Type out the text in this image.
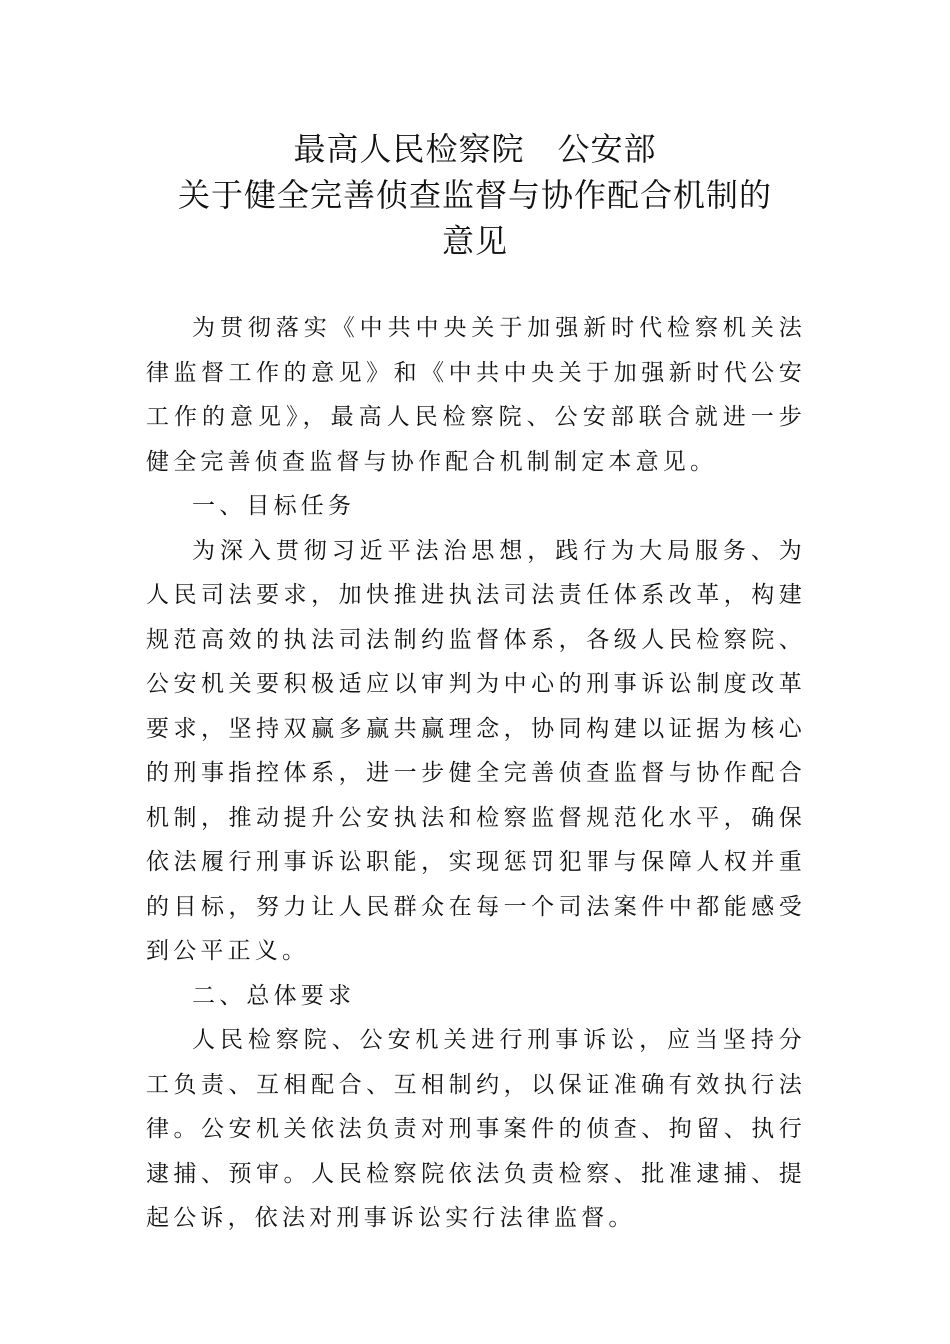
最高人民检察院　公安部
关于健全完善侦查监督与协作配合机制的
意见

为贯彻落实《中共中央关于加强新时代检察机关法律监督工作的意见》和《中共中央关于加强新时代公安工作的意见》，最高人民检察院、公安部联合就进一步健全完善侦查监督与协作配合机制制定本意见。

一、目标任务

为深入贯彻习近平法治思想，践行为大局服务、为人民司法要求，加快推进执法司法责任体系改革，构建规范高效的执法司法制约监督体系，各级人民检察院、公安机关要积极适应以审判为中心的刑事诉讼制度改革要求，坚持双赢多赢共赢理念，协同构建以证据为核心的刑事指控体系，进一步健全完善侦查监督与协作配合机制，推动提升公安执法和检察监督规范化水平，确保依法履行刑事诉讼职能，实现惩罚犯罪与保障人权并重的目标，努力让人民群众在每一个司法案件中都能感受到公平正义。

二、总体要求

人民检察院、公安机关进行刑事诉讼，应当坚持分工负责、互相配合、互相制约，以保证准确有效执行法律。公安机关依法负责对刑事案件的侦查、拘留、执行逮捕、预审。人民检察院依法负责检察、批准逮捕、提起公诉，依法对刑事诉讼实行法律监督。
